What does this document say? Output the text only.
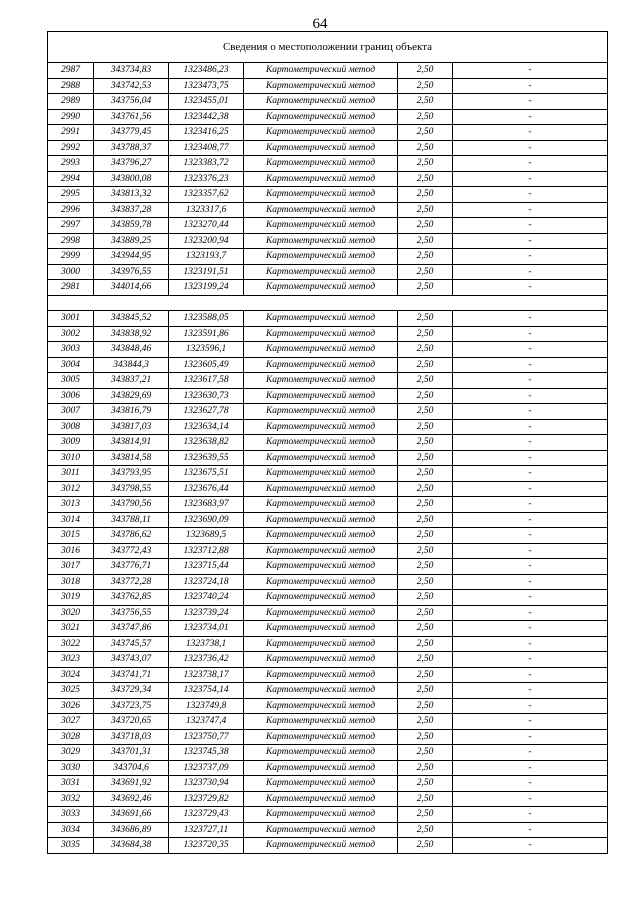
64
Сведения о местоположении границ объекта					
2987	343734,83	1323486,23	Картометрический метод	2,50	-
2988	343742,53	1323473,75	Картометрический метод	2,50	-
2989	343756,04	1323455,01	Картометрический метод	2,50	-
2990	343761,56	1323442,38	Картометрический метод	2,50	-
2991	343779,45	1323416,25	Картометрический метод	2,50	-
2992	343788,37	1323408,77	Картометрический метод	2,50	-
2993	343796,27	1323383,72	Картометрический метод	2,50	-
2994	343800,08	1323376,23	Картометрический метод	2,50	-
2995	343813,32	1323357,62	Картометрический метод	2,50	-
2996	343837,28	1323317,6	Картометрический метод	2,50	-
2997	343859,78	1323270,44	Картометрический метод	2,50	-
2998	343889,25	1323200,94	Картометрический метод	2,50	-
2999	343944,95	1323193,7	Картометрический метод	2,50	-
3000	343976,55	1323191,51	Картометрический метод	2,50	-
2981	344014,66	1323199,24	Картометрический метод	2,50	-

3001	343845,52	1323588,05	Картометрический метод	2,50	-
3002	343838,92	1323591,86	Картометрический метод	2,50	-
3003	343848,46	1323596,1	Картометрический метод	2,50	-
3004	343844,3	1323605,49	Картометрический метод	2,50	-
3005	343837,21	1323617,58	Картометрический метод	2,50	-
3006	343829,69	1323630,73	Картометрический метод	2,50	-
3007	343816,79	1323627,78	Картометрический метод	2,50	-
3008	343817,03	1323634,14	Картометрический метод	2,50	-
3009	343814,91	1323638,82	Картометрический метод	2,50	-
3010	343814,58	1323639,55	Картометрический метод	2,50	-
3011	343793,95	1323675,51	Картометрический метод	2,50	-
3012	343798,55	1323676,44	Картометрический метод	2,50	-
3013	343790,56	1323683,97	Картометрический метод	2,50	-
3014	343788,11	1323690,09	Картометрический метод	2,50	-
3015	343786,62	1323689,5	Картометрический метод	2,50	-
3016	343772,43	1323712,88	Картометрический метод	2,50	-
3017	343776,71	1323715,44	Картометрический метод	2,50	-
3018	343772,28	1323724,18	Картометрический метод	2,50	-
3019	343762,85	1323740,24	Картометрический метод	2,50	-
3020	343756,55	1323739,24	Картометрический метод	2,50	-
3021	343747,86	1323734,01	Картометрический метод	2,50	-
3022	343745,57	1323738,1	Картометрический метод	2,50	-
3023	343743,07	1323736,42	Картометрический метод	2,50	-
3024	343741,71	1323738,17	Картометрический метод	2,50	-
3025	343729,34	1323754,14	Картометрический метод	2,50	-
3026	343723,75	1323749,8	Картометрический метод	2,50	-
3027	343720,65	1323747,4	Картометрический метод	2,50	-
3028	343718,03	1323750,77	Картометрический метод	2,50	-
3029	343701,31	1323745,38	Картометрический метод	2,50	-
3030	343704,6	1323737,09	Картометрический метод	2,50	-
3031	343691,92	1323730,94	Картометрический метод	2,50	-
3032	343692,46	1323729,82	Картометрический метод	2,50	-
3033	343691,66	1323729,43	Картометрический метод	2,50	-
3034	343686,89	1323727,11	Картометрический метод	2,50	-
3035	343684,38	1323720,35	Картометрический метод	2,50	-
